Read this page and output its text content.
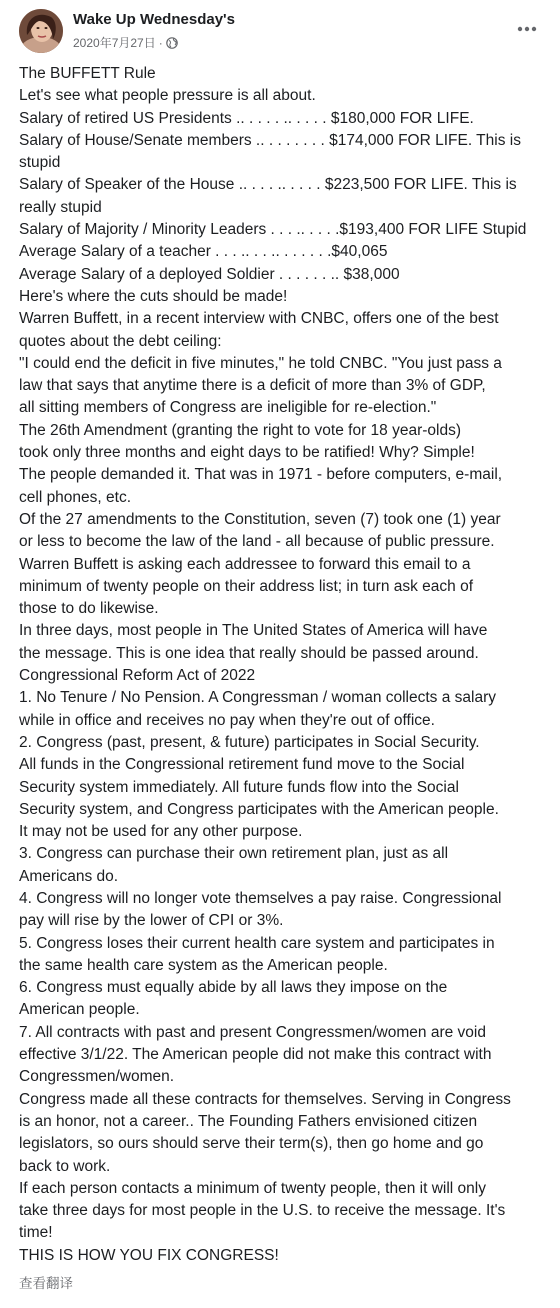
Wake Up Wednesday's
2020年7月27日 ·
The BUFFETT Rule
Let's see what people pressure is all about.
Salary of retired US Presidents .. . . . . .. . . . . $180,000 FOR LIFE.
Salary of House/Senate members .. . . . . . . . $174,000 FOR LIFE. This is
stupid
Salary of Speaker of the House .. . . . .. . . . . $223,500 FOR LIFE. This is
really stupid
Salary of Majority / Minority Leaders . . . .. . . . .$193,400 FOR LIFE Stupid
Average Salary of a teacher . . . .. . . .. . . . . . .$40,065
Average Salary of a deployed Soldier . . . . . . .. $38,000
Here's where the cuts should be made!
Warren Buffett, in a recent interview with CNBC, offers one of the best
quotes about the debt ceiling:
"I could end the deficit in five minutes," he told CNBC. "You just pass a
law that says that anytime there is a deficit of more than 3% of GDP,
all sitting members of Congress are ineligible for re-election."
The 26th Amendment (granting the right to vote for 18 year-olds)
took only three months and eight days to be ratified! Why? Simple!
The people demanded it. That was in 1971 - before computers, e-mail,
cell phones, etc.
Of the 27 amendments to the Constitution, seven (7) took one (1) year
or less to become the law of the land - all because of public pressure.
Warren Buffett is asking each addressee to forward this email to a
minimum of twenty people on their address list; in turn ask each of
those to do likewise.
In three days, most people in The United States of America will have
the message. This is one idea that really should be passed around.
Congressional Reform Act of 2022
1. No Tenure / No Pension. A Congressman / woman collects a salary
while in office and receives no pay when they're out of office.
2. Congress (past, present, & future) participates in Social Security.
All funds in the Congressional retirement fund move to the Social
Security system immediately. All future funds flow into the Social
Security system, and Congress participates with the American people.
It may not be used for any other purpose.
3. Congress can purchase their own retirement plan, just as all
Americans do.
4. Congress will no longer vote themselves a pay raise. Congressional
pay will rise by the lower of CPI or 3%.
5. Congress loses their current health care system and participates in
the same health care system as the American people.
6. Congress must equally abide by all laws they impose on the
American people.
7. All contracts with past and present Congressmen/women are void
effective 3/1/22. The American people did not make this contract with
Congressmen/women.
Congress made all these contracts for themselves. Serving in Congress
is an honor, not a career.. The Founding Fathers envisioned citizen
legislators, so ours should serve their term(s), then go home and go
back to work.
If each person contacts a minimum of twenty people, then it will only
take three days for most people in the U.S. to receive the message. It's
time!
THIS IS HOW YOU FIX CONGRESS!
查看翻译
